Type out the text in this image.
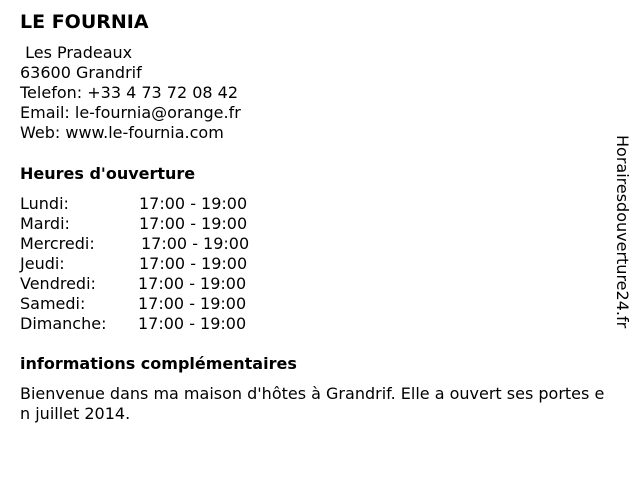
LE FOURNIA
Les Pradeaux
63600 Grandrif
Telefon: +33 4 73 72 08 42
Email: le-fournia@orange.fr
Web: www.le-fournia.com
Heures d'ouverture
Lundi:	17:00 - 19:00
Mardi:	17:00 - 19:00
Mercredi:	17:00 - 19:00
Jeudi:	17:00 - 19:00
Vendredi:	17:00 - 19:00
Samedi:	17:00 - 19:00
Dimanche: 17:00 - 19:00
informations complémentaires
Bienvenue dans ma maison d'hôtes à Grandrif. Elle a ouvert ses portes en juillet 2014.
Horairesdouverture24.fr
